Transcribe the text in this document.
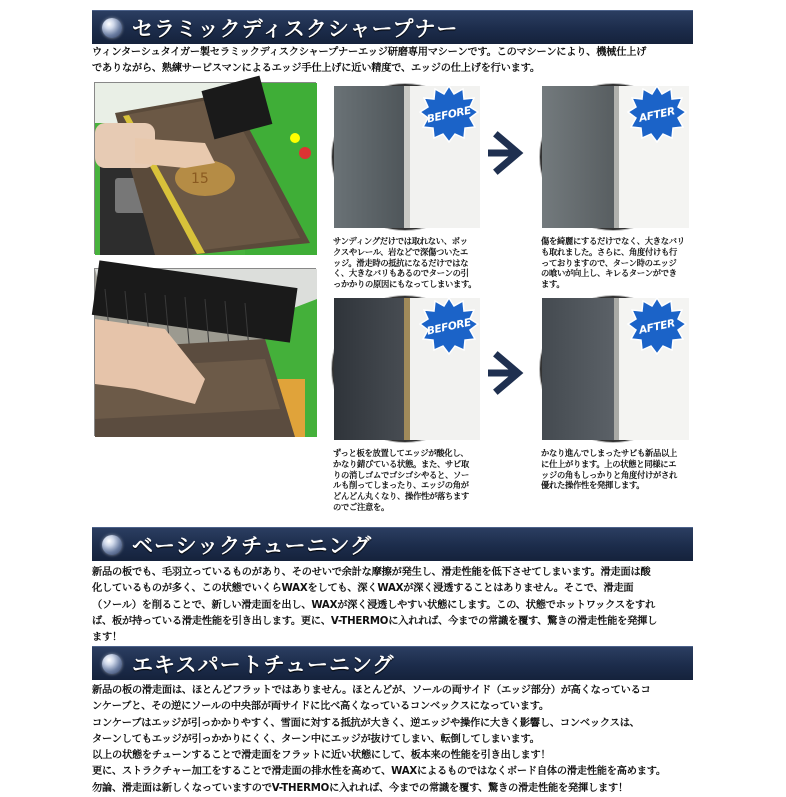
セラミックディスクシャープナー
ウィンターシュタイガー製セラミックディスクシャープナーエッジ研磨専用マシーンです。このマシーンにより、機械仕上げ
でありながら、熟練サービスマンによるエッジ手仕上げに近い精度で、エッジの仕上げを行います。
15
BEFORE	AFTER
サンディングだけでは取れない、ボッ
クスやレール、岩などで深傷ついたエ
ッジ。滑走時の抵抗になるだけではな
く、大きなバリもあるのでターンの引
っかかりの原因にもなってしまいます。
傷を綺麗にするだけでなく、大きなバリ
も取れました。さらに、角度付けも行
っておりますので、ターン時のエッジ
の喰いが向上し、キレるターンができ
ます。
BEFORE	AFTER
ずっと板を放置してエッジが酸化し、
かなり錆びている状態。また、サビ取
りの消しゴムでゴシゴシやると、ソー
ルも削ってしまったり、エッジの角が
どんどん丸くなり、操作性が落ちます
のでご注意を。
かなり進んでしまったサビも新品以上
に仕上がります。上の状態と同様にエ
ッジの角もしっかりと角度付けがされ
優れた操作性を発揮します。
ベーシックチューニング
新品の板でも、毛羽立っているものがあり、そのせいで余計な摩擦が発生し、滑走性能を低下させてしまいます。滑走面は酸
化しているものが多く、この状態でいくらWAXをしても、深くWAXが深く浸透することはありません。そこで、滑走面
（ソール）を削ることで、新しい滑走面を出し、WAXが深く浸透しやすい状態にします。この、状態でホットワックスをすれ
ば、板が持っている滑走性能を引き出します。更に、V-THERMOに入れれば、今までの常識を覆す、驚きの滑走性能を発揮し
ます！
エキスパートチューニング
新品の板の滑走面は、ほとんどフラットではありません。ほとんどが、ソールの両サイド（エッジ部分）が高くなっているコ
ンケーブと、その逆にソールの中央部が両サイドに比べ高くなっているコンベックスになっています。
コンケーブはエッジが引っかかりやすく、雪面に対する抵抗が大きく、逆エッジや操作に大きく影響し、コンベックスは、
ターンしてもエッジが引っかかりにくく、ターン中にエッジが抜けてしまい、転倒してしまいます。
以上の状態をチューンすることで滑走面をフラットに近い状態にして、板本来の性能を引き出します！
更に、ストラクチャー加工をすることで滑走面の排水性を高めて、WAXによるものではなくボード自体の滑走性能を高めます。
勿論、滑走面は新しくなっていますのでV-THERMOに入れれば、今までの常識を覆す、驚きの滑走性能を発揮します！
